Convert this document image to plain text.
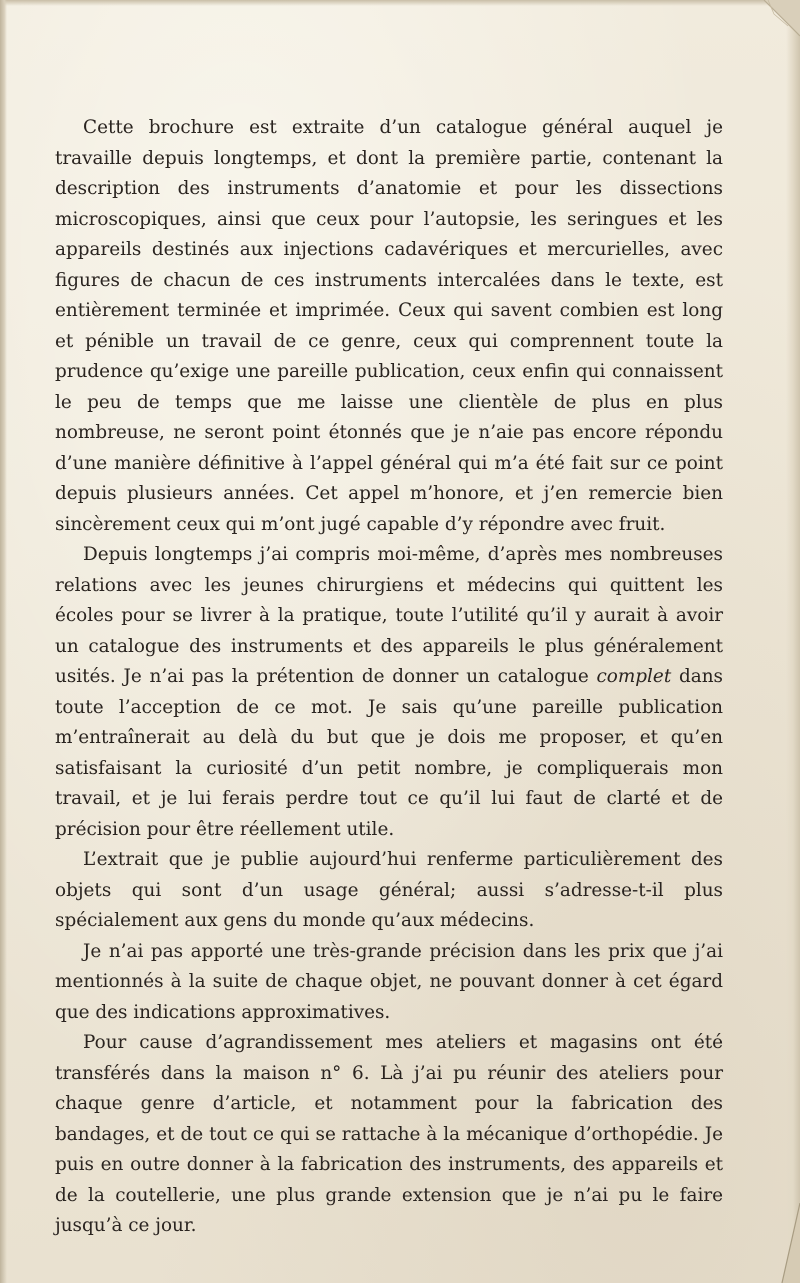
Cette brochure est extraite d’un catalogue général auquel je travaille depuis longtemps, et dont la première partie, contenant la description des instruments d’anatomie et pour les dissections microscopiques, ainsi que ceux pour l’autopsie, les seringues et les appareils destinés aux injections cadavériques et mercurielles, avec figures de chacun de ces instruments intercalées dans le texte, est entièrement terminée et imprimée. Ceux qui savent combien est long et pénible un travail de ce genre, ceux qui comprennent toute la prudence qu’exige une pareille publication, ceux enfin qui connaissent le peu de temps que me laisse une clientèle de plus en plus nombreuse, ne seront point étonnés que je n’aie pas encore répondu d’une manière définitive à l’appel général qui m’a été fait sur ce point depuis plusieurs années. Cet appel m’honore, et j’en remercie bien sincèrement ceux qui m’ont jugé capable d’y répondre avec fruit.

Depuis longtemps j’ai compris moi-même, d’après mes nombreuses relations avec les jeunes chirurgiens et médecins qui quittent les écoles pour se livrer à la pratique, toute l’utilité qu’il y aurait à avoir un catalogue des instruments et des appareils le plus généralement usités. Je n’ai pas la prétention de donner un catalogue complet dans toute l’acception de ce mot. Je sais qu’une pareille publication m’entraînerait au delà du but que je dois me proposer, et qu’en satisfaisant la curiosité d’un petit nombre, je compliquerais mon travail, et je lui ferais perdre tout ce qu’il lui faut de clarté et de précision pour être réellement utile.

L’extrait que je publie aujourd’hui renferme particulièrement des objets qui sont d’un usage général; aussi s’adresse-t-il plus spécialement aux gens du monde qu’aux médecins.

Je n’ai pas apporté une très-grande précision dans les prix que j’ai mentionnés à la suite de chaque objet, ne pouvant donner à cet égard que des indications approximatives.

Pour cause d’agrandissement mes ateliers et magasins ont été transférés dans la maison n° 6. Là j’ai pu réunir des ateliers pour chaque genre d’article, et notamment pour la fabrication des bandages, et de tout ce qui se rattache à la mécanique d’orthopédie. Je puis en outre donner à la fabrication des instruments, des appareils et de la coutellerie, une plus grande extension que je n’ai pu le faire jusqu’à ce jour.
